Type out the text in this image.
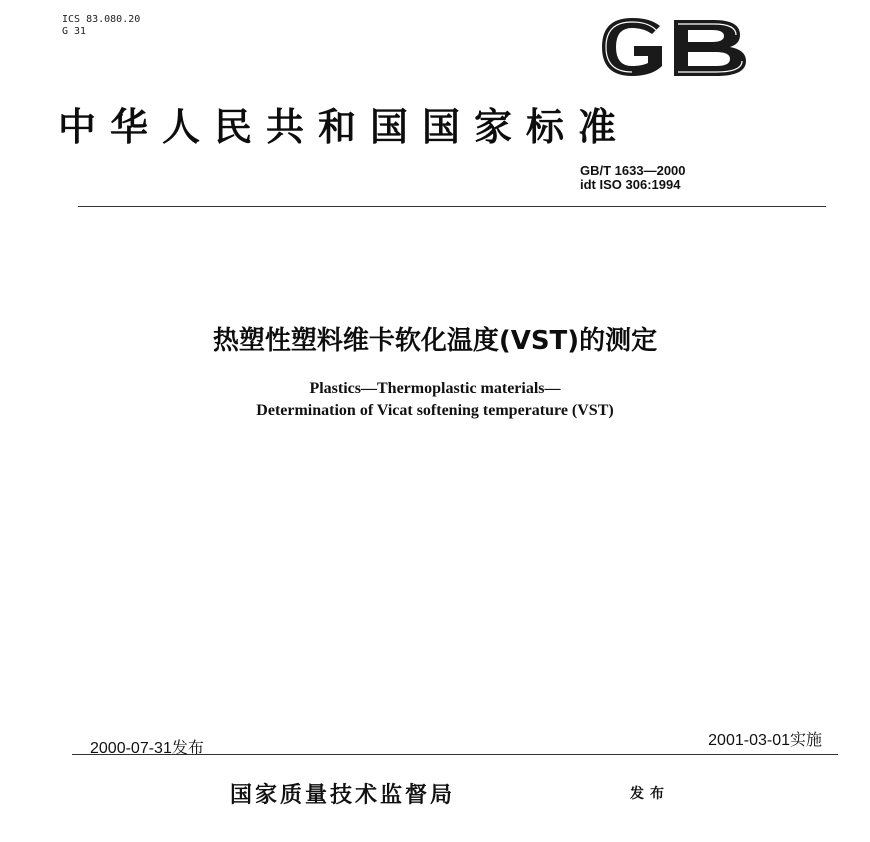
ICS 83.080.20
G 31
中华人民共和国国家标准
GB/T 1633—2000
idt ISO 306:1994
热塑性塑料维卡软化温度(VST)的测定
Plastics—Thermoplastic materials—
Determination of Vicat softening temperature (VST)
2000-07-31发布	2001-03-01实施
国家质量技术监督局	发布
